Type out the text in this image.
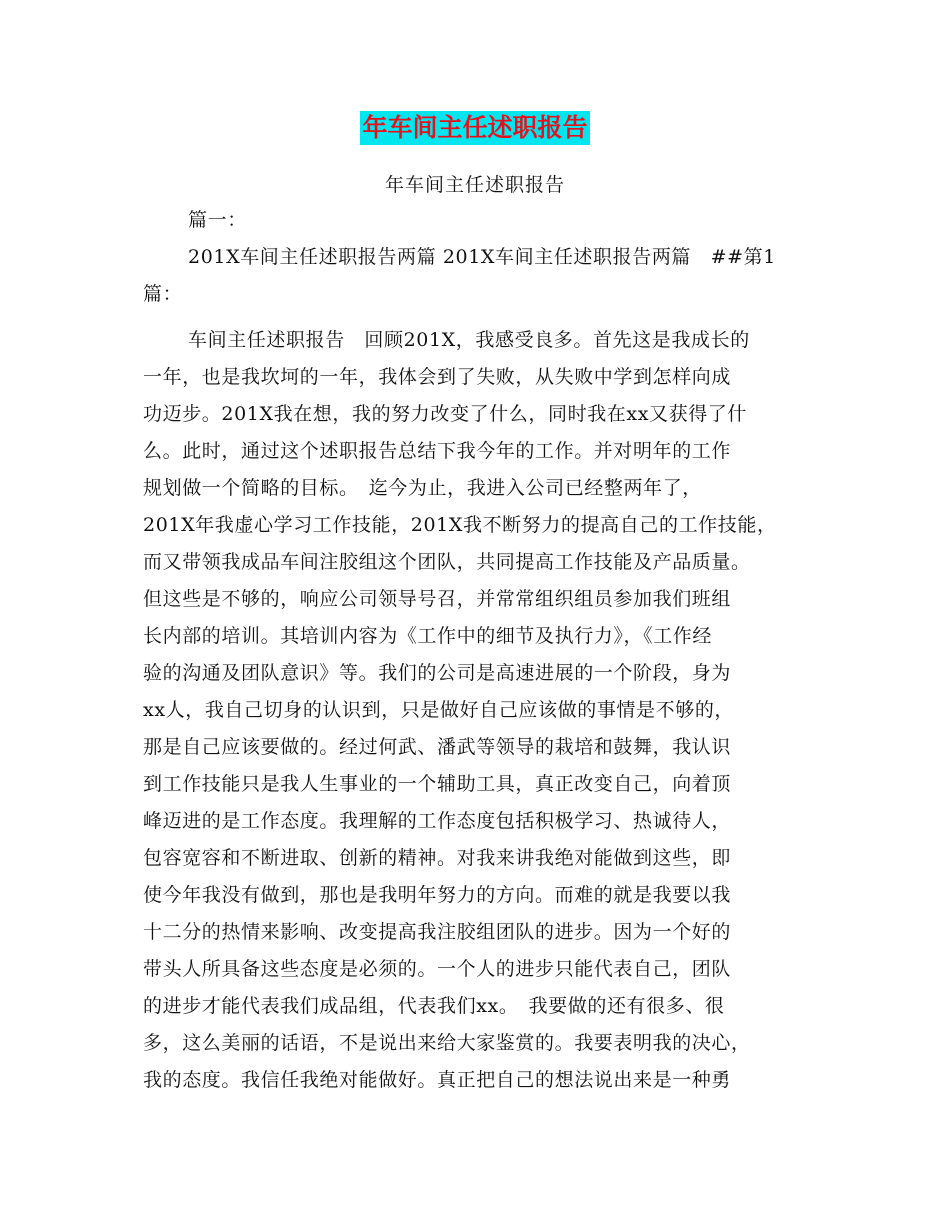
年车间主任述职报告
年车间主任述职报告
篇一：
201X车间主任述职报告两篇 201X车间主任述职报告两篇　##第1
篇：
车间主任述职报告　回顾201X，我感受良多。首先这是我成长的
一年，也是我坎坷的一年，我体会到了失败，从失败中学到怎样向成
功迈步。201X我在想，我的努力改变了什么，同时我在xx又获得了什
么。此时，通过这个述职报告总结下我今年的工作。并对明年的工作
规划做一个简略的目标。　迄今为止，我进入公司已经整两年了，
201X年我虚心学习工作技能，201X我不断努力的提高自己的工作技能，
而又带领我成品车间注胶组这个团队，共同提高工作技能及产品质量。
但这些是不够的，响应公司领导号召，并常常组织组员参加我们班组
长内部的培训。其培训内容为《工作中的细节及执行力》，《工作经
验的沟通及团队意识》等。我们的公司是高速进展的一个阶段，身为
xx人，我自己切身的认识到，只是做好自己应该做的事情是不够的，
那是自己应该要做的。经过何武、潘武等领导的栽培和鼓舞，我认识
到工作技能只是我人生事业的一个辅助工具，真正改变自己，向着顶
峰迈进的是工作态度。我理解的工作态度包括积极学习、热诚待人，
包容宽容和不断进取、创新的精神。对我来讲我绝对能做到这些，即
使今年我没有做到，那也是我明年努力的方向。而难的就是我要以我
十二分的热情来影响、改变提高我注胶组团队的进步。因为一个好的
带头人所具备这些态度是必须的。一个人的进步只能代表自己，团队
的进步才能代表我们成品组，代表我们xx。　我要做的还有很多、很
多，这么美丽的话语，不是说出来给大家鉴赏的。我要表明我的决心，
我的态度。我信任我绝对能做好。真正把自己的想法说出来是一种勇
